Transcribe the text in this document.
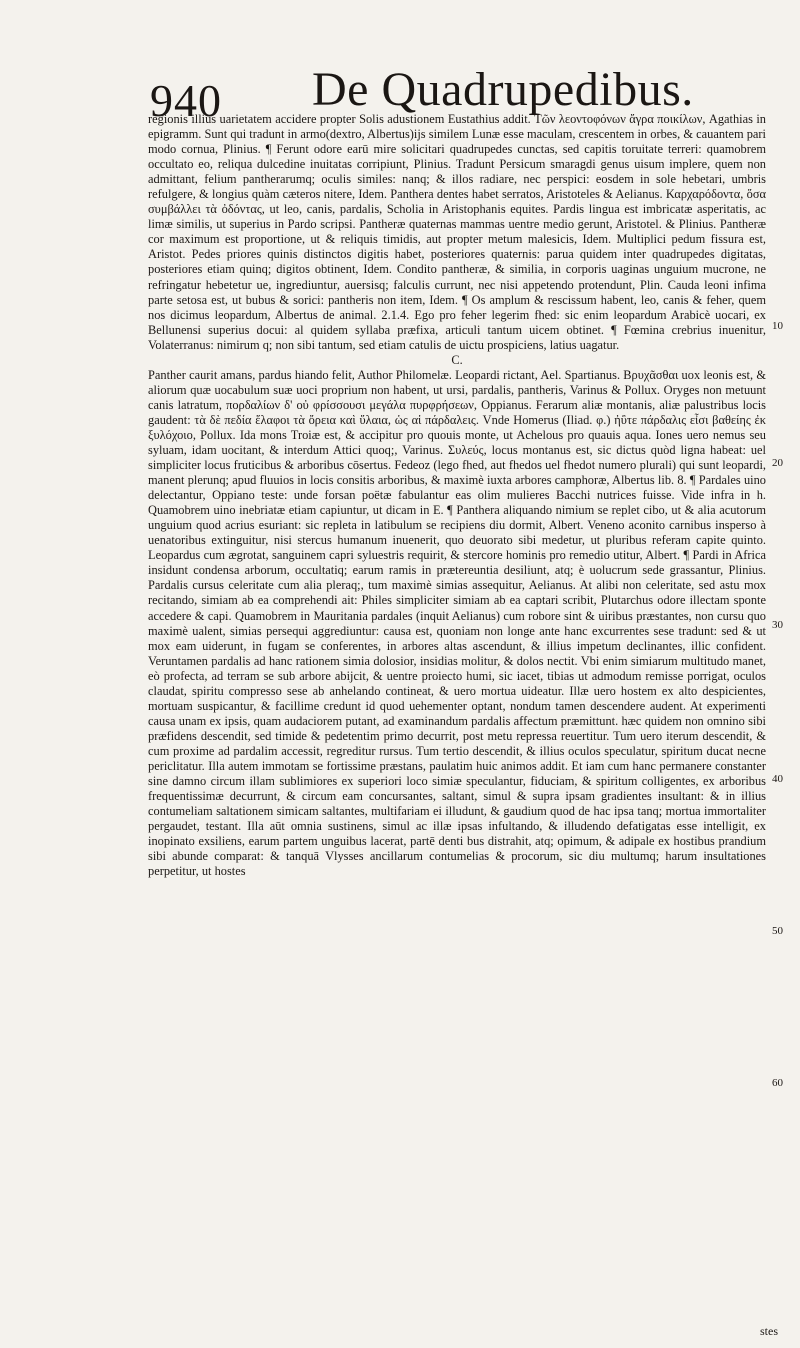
940 De Quadrupedibus.

regionis illius uarietatem accidere propter Solis adustionem Eustathius addit. Τῶν λεοντοφόνων ἄγρα ποικίλων, Agathias in epigramm. Sunt qui tradunt in armo(dextro, Albertus)ijs similem Lunæ esse maculam, crescentem in orbes, & cauantem pari modo cornua, Plinius. ¶ Ferunt odore earū mire solicitari quadrupedes cunctas, sed capitis toruitate terreri: quamobrem occultato eo, reliqua dulcedine inuitatas corripiunt, Plinius. Tradunt Persicum smaragdi genus uisum implere, quem non admittant, felium pantherarumq; oculis similes: nanq; & illos radiare, nec perspici: eosdem in sole hebetari, umbris refulgere, & longius quàm cæteros nitere, Idem. Panthera dentes habet serratos, Aristoteles & Aelianus. Καρχαρόδοντα, ὅσα συμβάλλει τὰ ὀδόντας, ut leo, canis, pardalis, Scholia in Aristophanis equites. Pardis lingua est imbricatæ asperitatis, ac limæ similis, ut superius in Pardo scripsi. Pantheræ quaternas mammas uentre medio gerunt, Aristotel. & Plinius. Pantheræ cor maximum est proportione, ut & reliquis timidis, aut propter metum malesicis, Idem. Multiplici pedum fissura est, Aristot. Pedes priores quinis distinctos digitis habet, posteriores quaternis: parua quidem inter quadrupedes digitatas, posteriores etiam quinq; digitos obtinent, Idem. Condito pantheræ, & similia, in corporis uaginas unguium mucrone, ne refringatur hebetetur ue, ingrediuntur, auersisq; falculis currunt, nec nisi appetendo protendunt, Plin. Cauda leoni infima parte setosa est, ut bubus & sorici: pantheris non item, Idem. ¶ Os amplum & rescissum habent, leo, canis & feher, quem nos dicimus leopardum, Albertus de animal. 2.1.4. Ego pro feher legerim fhed: sic enim leopardum Arabicè uocari, ex Bellunensi superius docui: al quidem syllaba præfixa, articuli tantum uicem obtinet. ¶ Fœmina crebrius inuenitur, Volaterranus: nimirum q; non sibi tantum, sed etiam catulis de uictu prospiciens, latius uagatur.

C.

Panther caurit amans, pardus hiando felit, Author Philomelæ. Leopardi rictant, Ael. Spartianus. Βρυχᾶσθαι uox leonis est, & aliorum quæ uocabulum suæ uoci proprium non habent, ut ursi, pardalis, pantheris, Varinus & Pollux. Oryges non metuunt canis latratum, πορδαλίων δ' οὐ φρίσσουσι μεγάλα πυρφρήσεων, Oppianus. Ferarum aliæ montanis, aliæ palustribus locis gaudent: τὰ δὲ πεδία ἕλαφοι τὰ ὄρεια καὶ ὕλαια, ὡς αἱ πάρδαλεις. Vnde Homerus (Iliad. φ.) ἠΰτε πάρδαλις εἶσι βαθείης ἐκ ξυλόχοιο, Pollux. Ida mons Troiæ est, & accipitur pro quouis monte, ut Achelous pro quauis aqua. Iones uero nemus seu syluam, idam uocitant, & interdum Attici quoq;, Varinus. Συλεύς, locus montanus est, sic dictus quòd ligna habeat: uel simpliciter locus fruticibus & arboribus cōsertus. Fedeoz (lego fhed, aut fhedos uel fhedot numero plurali) qui sunt leopardi, manent plerunq; apud fluuios in locis consitis arboribus, & maximè iuxta arbores camphoræ, Albertus lib. 8. ¶ Pardales uino delectantur, Oppiano teste: unde forsan poëtæ fabulantur eas olim mulieres Bacchi nutrices fuisse. Vide infra in h. Quamobrem uino inebriatæ etiam capiuntur, ut dicam in E. ¶ Panthera aliquando nimium se replet cibo, ut & alia acutorum unguium quod acrius esuriant: sic repleta in latibulum se recipiens diu dormit, Albert. Veneno aconito carnibus insperso à uenatoribus extinguitur, nisi stercus humanum inuenerit, quo deuorato sibi medetur, ut pluribus referam capite quinto. Leopardus cum ægrotat, sanguinem capri syluestris requirit, & stercore hominis pro remedio utitur, Albert. ¶ Pardi in Africa insidunt condensa arborum, occultatiq; earum ramis in prætereuntia desiliunt, atq; è uolucrum sede grassantur, Plinius. Pardalis cursus celeritate cum alia pleraq;, tum maximè simias assequitur, Aelianus. At alibi non celeritate, sed astu mox recitando, simiam ab ea comprehendi ait: Philes simpliciter simiam ab ea captari scribit, Plutarchus odore illectam sponte accedere & capi. Quamobrem in Mauritania pardales (inquit Aelianus) cum robore sint & uiribus præstantes, non cursu quo maximè ualent, simias persequi aggrediuntur: causa est, quoniam non longe ante hanc excurrentes sese tradunt: sed & ut mox eam uiderunt, in fugam se conferentes, in arbores altas ascendunt, & illius impetum declinantes, illic confident. Veruntamen pardalis ad hanc rationem simia dolosior, insidias molitur, & dolos nectit. Vbi enim simiarum multitudo manet, eò profecta, ad terram se sub arbore abijcit, & uentre proiecto humi, sic iacet, tibias ut admodum remisse porrigat, oculos claudat, spiritu compresso sese ab anhelando contineat, & uero mortua uideatur. Illæ uero hostem ex alto despicientes, mortuam suspicantur, & facillime credunt id quod uehementer optant, nondum tamen descendere audent. At experimenti causa unam ex ipsis, quam audaciorem putant, ad examinandum pardalis affectum præmittunt. hæc quidem non omnino sibi præfidens descendit, sed timide & pedetentim primo decurrit, post metu repressa reuertitur. Tum uero iterum descendit, & cum proxime ad pardalim accessit, regreditur rursus. Tum tertio descendit, & illius oculos speculatur, spiritum ducat necne periclitatur. Illa autem immotam se fortissime præstans, paulatim huic animos addit. Et iam cum hanc permanere constanter sine damno circum illam sublimiores ex superiori loco simiæ speculantur, fiduciam, & spiritum colligentes, ex arboribus frequentissimæ decurrunt, & circum eam concursantes, saltant, simul & supra ipsam gradientes insultant: & in illius contumeliam saltationem simicam saltantes, multifariam ei illudunt, & gaudium quod de hac ipsa tanq; mortua immortaliter pergaudet, testant. Illa aūt omnia sustinens, simul ac illæ ipsas infultando, & illudendo defatigatas esse intelligit, ex inopinato exsiliens, earum partem unguibus lacerat, partē denti bus distrahit, atq; opimum, & adipale ex hostibus prandium sibi abunde comparat: & tanquā Vlysses ancillarum contumelias & procorum, sic diu multumq; harum insultationes perpetitur, ut hostes

10
20
30
40
50
60
stes
